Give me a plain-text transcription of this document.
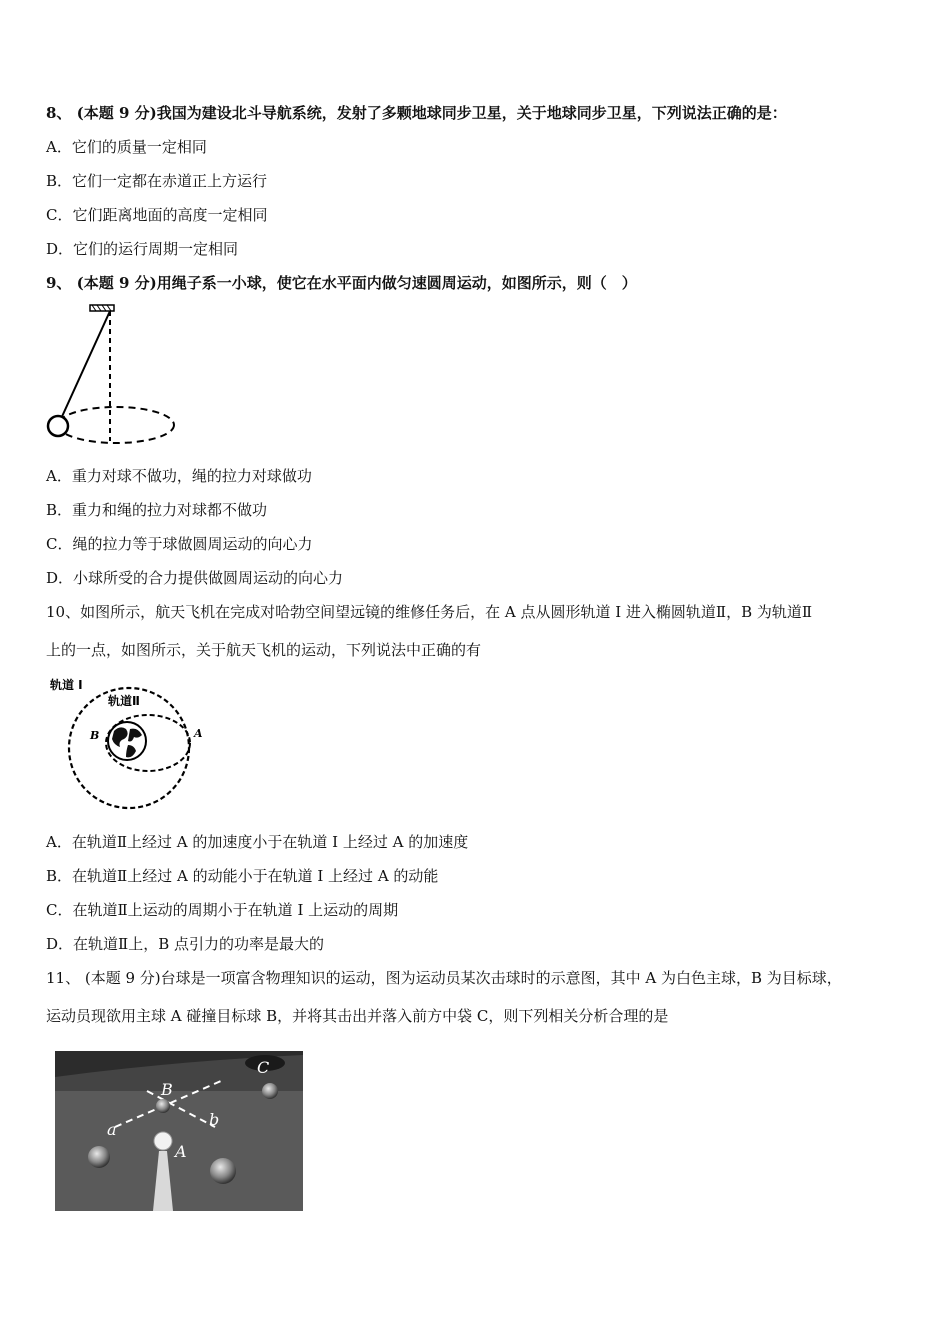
8、 (本题 9 分)我国为建设北斗导航系统，发射了多颗地球同步卫星，关于地球同步卫星，下列说法正确的是：
A．它们的质量一定相同
B．它们一定都在赤道正上方运行
C．它们距离地面的高度一定相同
D．它们的运行周期一定相同
9、 (本题 9 分)用绳子系一小球，使它在水平面内做匀速圆周运动，如图所示，则（　）
A．重力对球不做功，绳的拉力对球做功
B．重力和绳的拉力对球都不做功
C．绳的拉力等于球做圆周运动的向心力
D．小球所受的合力提供做圆周运动的向心力
10、如图所示，航天飞机在完成对哈勃空间望远镜的维修任务后，在 A 点从圆形轨道 I 进入椭圆轨道Ⅱ，B 为轨道Ⅱ
上的一点，如图所示，关于航天飞机的运动，下列说法中正确的有
轨道 I
轨道Ⅱ
B	A
A．在轨道Ⅱ上经过 A 的加速度小于在轨道 I 上经过 A 的加速度
B．在轨道Ⅱ上经过 A 的动能小于在轨道 I 上经过 A 的动能
C．在轨道Ⅱ上运动的周期小于在轨道 I 上运动的周期
D．在轨道Ⅱ上，B 点引力的功率是最大的
11、 (本题 9 分)台球是一项富含物理知识的运动，图为运动员某次击球时的示意图，其中 A 为白色主球，B 为目标球，
运动员现欲用主球 A 碰撞目标球 B，并将其击出并落入前方中袋 C，则下列相关分析合理的是
C
B
A
a
b
